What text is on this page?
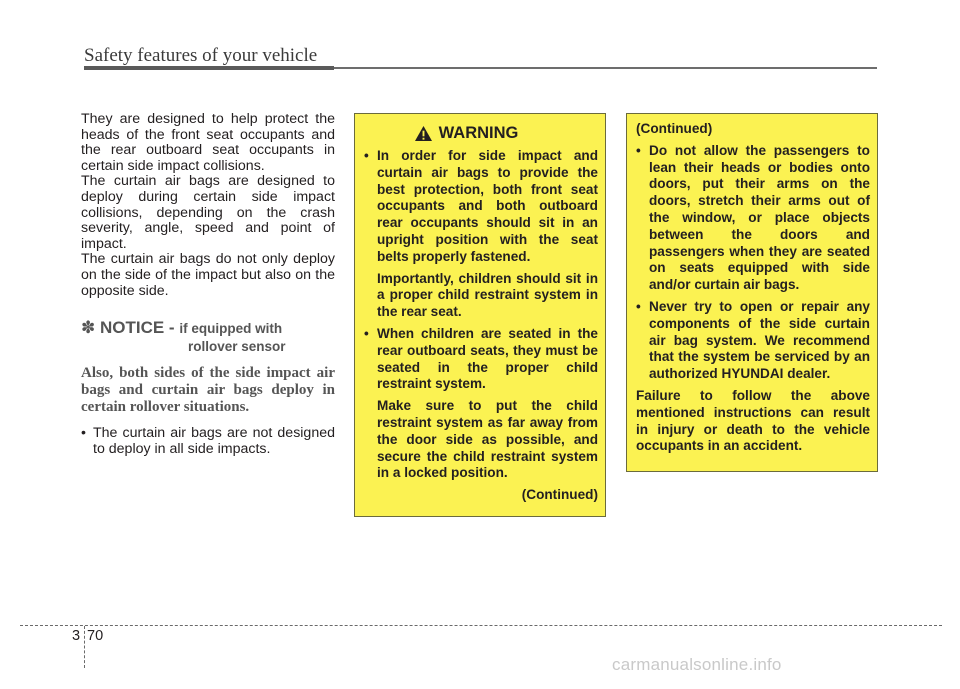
Safety features of your vehicle

They are designed to help protect the heads of the front seat occupants and the rear outboard seat occupants in certain side impact collisions.

The curtain air bags are designed to deploy during certain side impact collisions, depending on the crash severity, angle, speed and point of impact.

The curtain air bags do not only deploy on the side of the impact but also on the opposite side.

✽ NOTICE - if equipped with
rollover sensor
Also, both sides of the side impact air bags and curtain air bags deploy in certain rollover situations.
• The curtain air bags are not designed to deploy in all side impacts.
WARNING
• In order for side impact and curtain air bags to provide the best protection, both front seat occupants and both outboard rear occupants should sit in an upright position with the seat belts properly fastened.
Importantly, children should sit in a proper child restraint system in the rear seat.
• When children are seated in the rear outboard seats, they must be seated in the proper child restraint system.
Make sure to put the child restraint system as far away from the door side as possible, and secure the child restraint system in a locked position.
(Continued)
(Continued)
• Do not allow the passengers to lean their heads or bodies onto doors, put their arms on the doors, stretch their arms out of the window, or place objects between the doors and passengers when they are seated on seats equipped with side and/or curtain air bags.
• Never try to open or repair any components of the side curtain air bag system. We recommend that the system be serviced by an authorized HYUNDAI dealer.
Failure to follow the above mentioned instructions can result in injury or death to the vehicle occupants in an accident.
3 70
carmanualsonline.info
